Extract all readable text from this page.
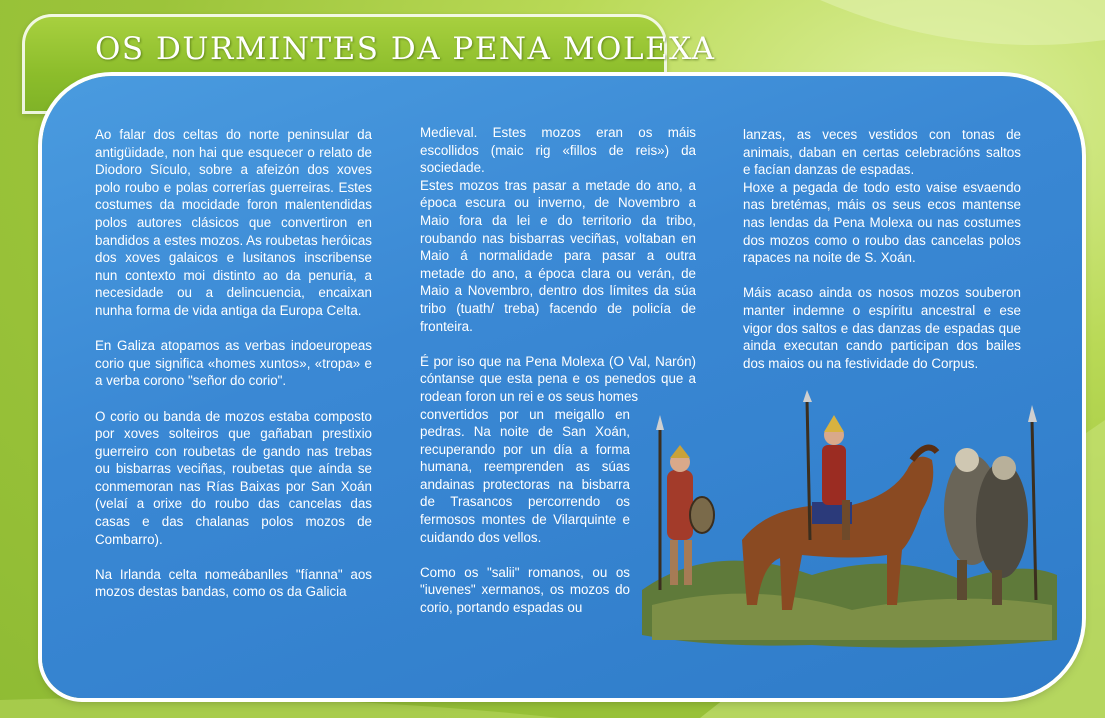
OS DURMINTES DA PENA MOLEXA

Ao falar dos celtas do norte peninsular da antigüidade, non hai que esquecer o relato de Diodoro Sículo, sobre a afeizón dos xoves polo roubo e polas correrías guerreiras. Estes costumes da mocidade foron malentendidas polos autores clásicos que convertiron en bandidos a estes mozos. As roubetas heróicas dos xoves galaicos e lusitanos inscribense nun contexto moi distinto ao da penuria, a necesidade ou a delincuencia, encaixan nunha forma de vida antiga da Europa Celta.

En Galiza atopamos as verbas indoeuropeas corio que significa «homes xuntos», «tropa» e a verba corono "señor do corio".

O corio ou banda de mozos estaba composto por xoves solteiros que gañaban prestixio guerreiro con roubetas de gando nas trebas ou bisbarras veciñas, roubetas que aínda se conmemoran nas Rías Baixas por San Xoán (velaí a orixe do roubo das cancelas das casas e das chalanas polos mozos de Combarro).

Na Irlanda celta nomeábanlles "fíanna" aos mozos destas bandas, como os da Galicia

Medieval. Estes mozos eran os máis escollidos (maic rig «fillos de reis») da sociedade.

Estes mozos tras pasar a metade do ano, a época escura ou inverno, de Novembro a Maio fora da lei e do territorio da tribo, roubando nas bisbarras veciñas, voltaban en Maio á normalidade para pasar a outra metade do ano, a época clara ou verán, de Maio a Novembro, dentro dos límites da súa tribo (tuath/ treba) facendo de policía de fronteira.

É por iso que na Pena Molexa (O Val, Narón) cóntanse que esta pena e os penedos que a rodean foron un rei e os seus homes

convertidos por un meigallo en pedras. Na noite de San Xoán, recuperando por un día a forma humana, reemprenden as súas andainas protectoras na bisbarra de Trasancos percorrendo os fermosos montes de Vilarquinte e cuidando dos vellos.

Como os "salii" romanos, ou os "iuvenes" xermanos, os mozos do corio, portando espadas ou

lanzas, as veces vestidos con tonas de animais, daban en certas celebracións saltos e facían danzas de espadas.

Hoxe a pegada de todo esto vaise esvaendo nas bretémas, máis os seus ecos mantense nas lendas da Pena Molexa ou nas costumes dos mozos como o roubo das cancelas polos rapaces na noite de S. Xoán.

Máis acaso ainda os nosos mozos souberon manter indemne o espíritu ancestral e ese vigor dos saltos e das danzas de espadas que ainda executan cando participan dos bailes dos maios ou na festividade do Corpus.
